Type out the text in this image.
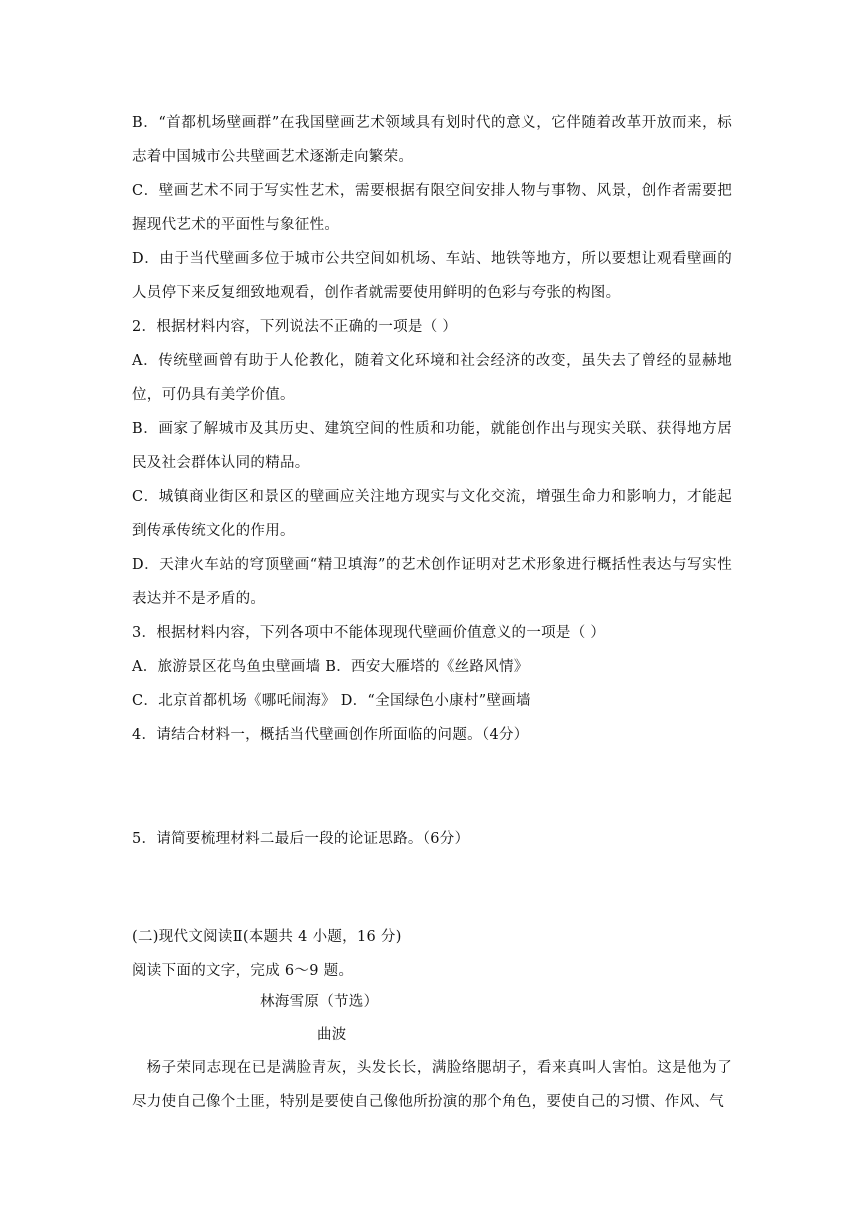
B．“首都机场壁画群”在我国壁画艺术领域具有划时代的意义，它伴随着改革开放而来，标志着中国城市公共壁画艺术逐渐走向繁荣。

C．壁画艺术不同于写实性艺术，需要根据有限空间安排人物与事物、风景，创作者需要把握现代艺术的平面性与象征性。

D．由于当代壁画多位于城市公共空间如机场、车站、地铁等地方，所以要想让观看壁画的人员停下来反复细致地观看，创作者就需要使用鲜明的色彩与夸张的构图。

2．根据材料内容，下列说法不正确的一项是（ ）

A．传统壁画曾有助于人伦教化，随着文化环境和社会经济的改变，虽失去了曾经的显赫地位，可仍具有美学价值。

B．画家了解城市及其历史、建筑空间的性质和功能，就能创作出与现实关联、获得地方居民及社会群体认同的精品。

C．城镇商业街区和景区的壁画应关注地方现实与文化交流，增强生命力和影响力，才能起到传承传统文化的作用。

D．天津火车站的穹顶壁画“精卫填海”的艺术创作证明对艺术形象进行概括性表达与写实性表达并不是矛盾的。

3．根据材料内容，下列各项中不能体现现代壁画价值意义的一项是（ ）

A．旅游景区花鸟鱼虫壁画墙 B．西安大雁塔的《丝路风情》

C．北京首都机场《哪吒闹海》 D．“全国绿色小康村”壁画墙

4．请结合材料一，概括当代壁画创作所面临的问题。（4分）

5．请简要梳理材料二最后一段的论证思路。（6分）

(二)现代文阅读Ⅱ(本题共 4 小题，16 分)

阅读下面的文字，完成 6～9 题。

林海雪原（节选）

曲波

杨子荣同志现在已是满脸青灰，头发长长，满脸络腮胡子，看来真叫人害怕。这是他为了尽力使自己像个土匪，特别是要使自己像他所扮演的那个角色，要使自己的习惯、作风、气
